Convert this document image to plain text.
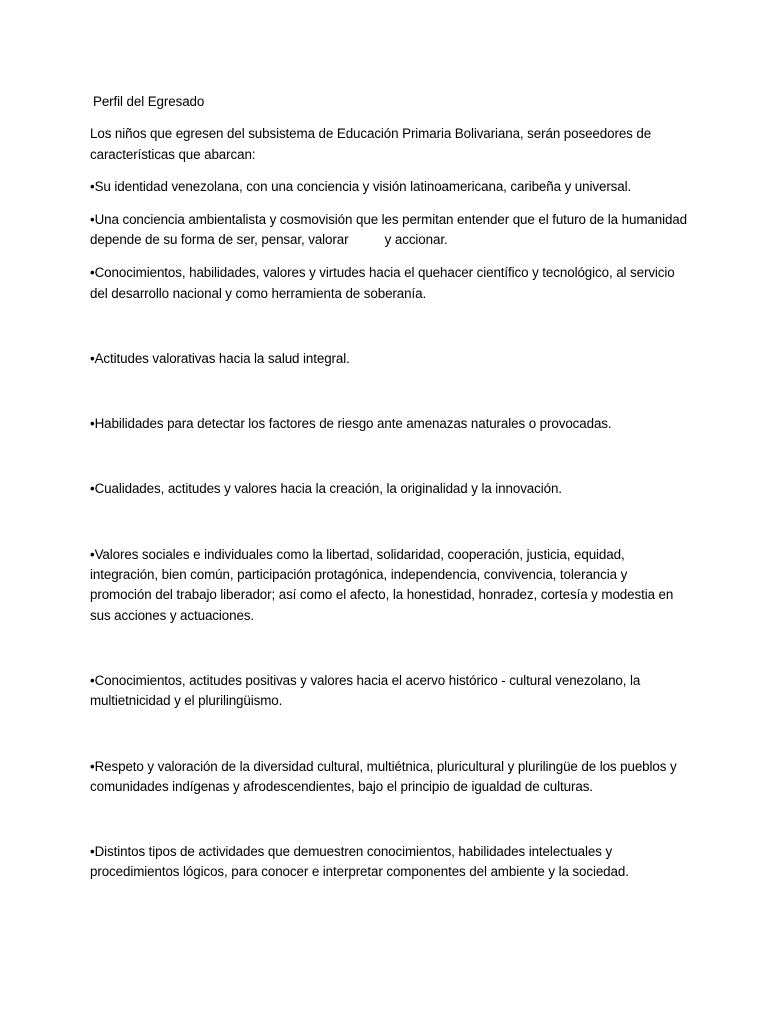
Perfil del Egresado

Los niños que egresen del subsistema de Educación Primaria Bolivariana, serán poseedores de características que abarcan:

•Su identidad venezolana, con una conciencia y visión latinoamericana, caribeña y universal.

•Una conciencia ambientalista y cosmovisión que les permitan entender que el futuro de la humanidad depende de su forma de ser, pensar, valorar          y accionar.

•Conocimientos, habilidades, valores y virtudes hacia el quehacer científico y tecnológico, al servicio del desarrollo nacional y como herramienta de soberanía.

•Actitudes valorativas hacia la salud integral.

•Habilidades para detectar los factores de riesgo ante amenazas naturales o provocadas.

•Cualidades, actitudes y valores hacia la creación, la originalidad y la innovación.

•Valores sociales e individuales como la libertad, solidaridad, cooperación, justicia, equidad, integración, bien común, participación protagónica, independencia, convivencia, tolerancia y promoción del trabajo liberador; así como el afecto, la honestidad, honradez, cortesía y modestia en sus acciones y actuaciones.

•Conocimientos, actitudes positivas y valores hacia el acervo histórico - cultural venezolano, la multietnicidad y el plurilingüismo.

•Respeto y valoración de la diversidad cultural, multiétnica, pluricultural y plurilingüe de los pueblos y comunidades indígenas y afrodescendientes, bajo el principio de igualdad de culturas.

•Distintos tipos de actividades que demuestren conocimientos, habilidades intelectuales y procedimientos lógicos, para conocer e interpretar componentes del ambiente y la sociedad.
